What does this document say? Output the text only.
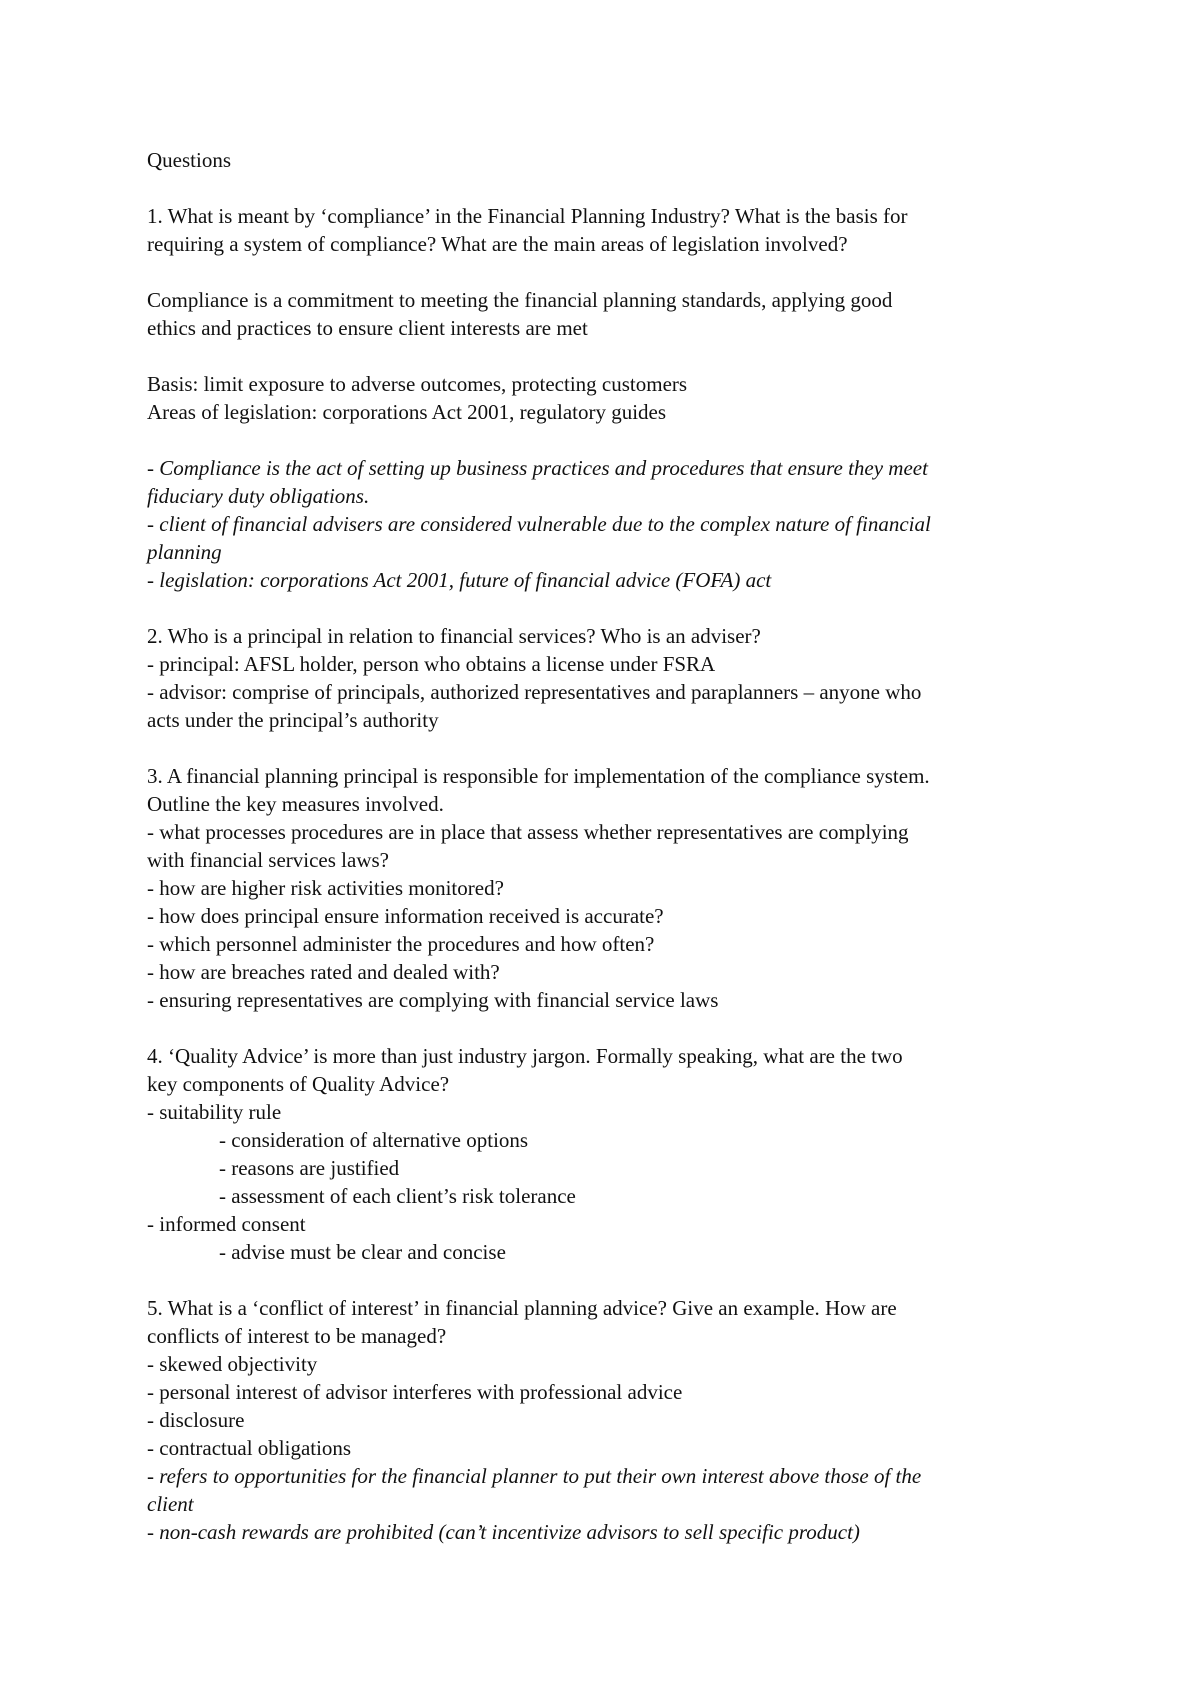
Questions
1. What is meant by ‘compliance’ in the Financial Planning Industry? What is the basis for
requiring a system of compliance? What are the main areas of legislation involved?
Compliance is a commitment to meeting the financial planning standards, applying good
ethics and practices to ensure client interests are met
Basis: limit exposure to adverse outcomes, protecting customers
Areas of legislation: corporations Act 2001, regulatory guides
- Compliance is the act of setting up business practices and procedures that ensure they meet
fiduciary duty obligations.
- client of financial advisers are considered vulnerable due to the complex nature of financial
planning
- legislation: corporations Act 2001, future of financial advice (FOFA) act
2. Who is a principal in relation to financial services? Who is an adviser?
- principal: AFSL holder, person who obtains a license under FSRA
- advisor: comprise of principals, authorized representatives and paraplanners – anyone who
acts under the principal’s authority
3. A financial planning principal is responsible for implementation of the compliance system.
Outline the key measures involved.
- what processes procedures are in place that assess whether representatives are complying
with financial services laws?
- how are higher risk activities monitored?
- how does principal ensure information received is accurate?
- which personnel administer the procedures and how often?
- how are breaches rated and dealed with?
- ensuring representatives are complying with financial service laws
4. ‘Quality Advice’ is more than just industry jargon. Formally speaking, what are the two
key components of Quality Advice?
- suitability rule
- consideration of alternative options
- reasons are justified
- assessment of each client’s risk tolerance
- informed consent
- advise must be clear and concise
5. What is a ‘conflict of interest’ in financial planning advice? Give an example. How are
conflicts of interest to be managed?
- skewed objectivity
- personal interest of advisor interferes with professional advice
- disclosure
- contractual obligations
- refers to opportunities for the financial planner to put their own interest above those of the
client
- non-cash rewards are prohibited (can’t incentivize advisors to sell specific product)
